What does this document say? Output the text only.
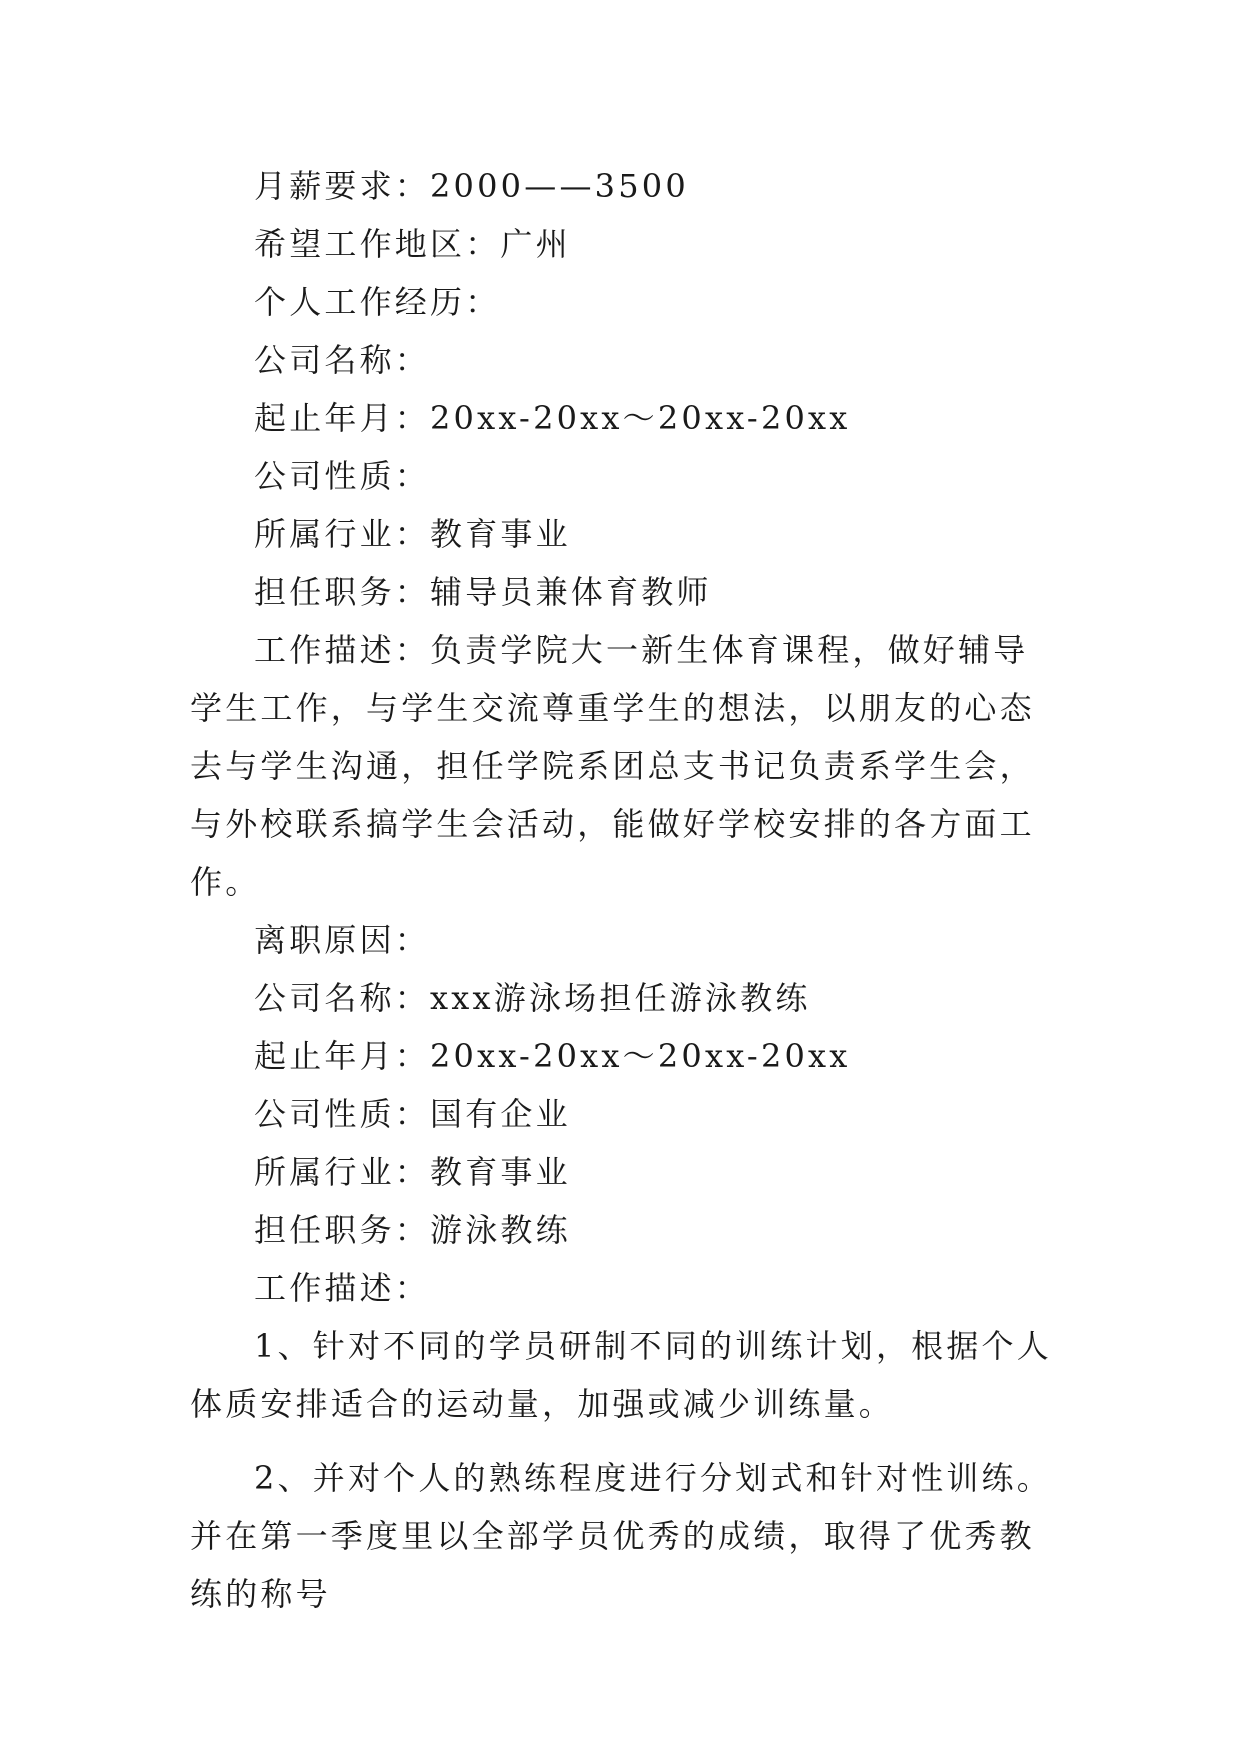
月薪要求：2000——3500

希望工作地区：广州

个人工作经历：

公司名称：

起止年月：20xx-20xx～20xx-20xx

公司性质：

所属行业：教育事业

担任职务：辅导员兼体育教师

工作描述：负责学院大一新生体育课程，做好辅导学生工作，与学生交流尊重学生的想法，以朋友的心态去与学生沟通，担任学院系团总支书记负责系学生会，与外校联系搞学生会活动，能做好学校安排的各方面工作。

离职原因：

公司名称：xxx游泳场担任游泳教练

起止年月：20xx-20xx～20xx-20xx

公司性质：国有企业

所属行业：教育事业

担任职务：游泳教练

工作描述：

1、针对不同的学员研制不同的训练计划，根据个人体质安排适合的运动量，加强或减少训练量。

2、并对个人的熟练程度进行分划式和针对性训练。并在第一季度里以全部学员优秀的成绩，取得了优秀教练的称号
